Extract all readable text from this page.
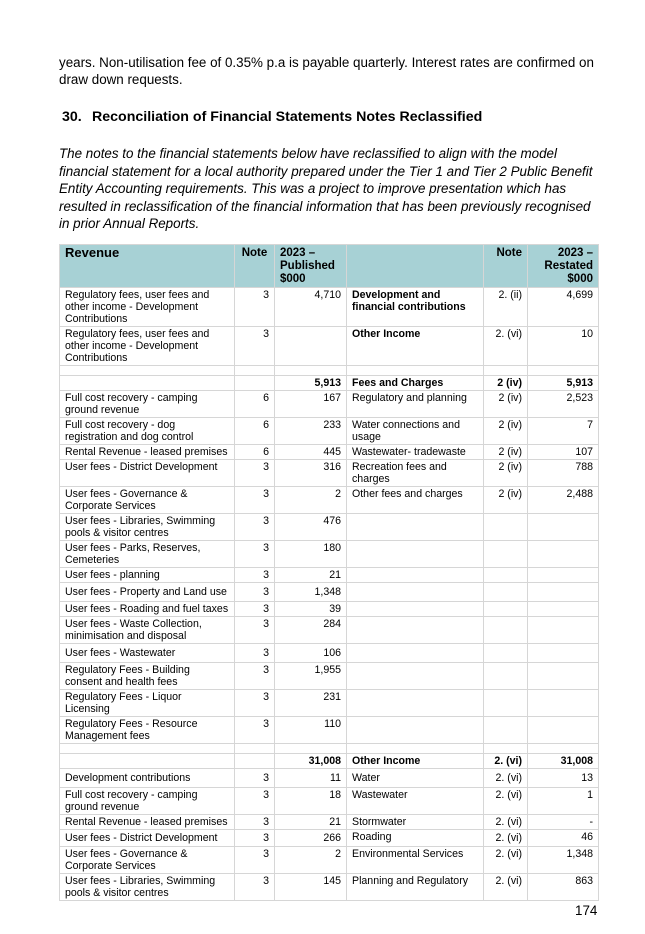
years. Non-utilisation fee of 0.35% p.a is payable quarterly. Interest rates are confirmed on draw down requests.

30. Reconciliation of Financial Statements Notes Reclassified

The notes to the financial statements below have reclassified to align with the model financial statement for a local authority prepared under the Tier 1 and Tier 2 Public Benefit Entity Accounting requirements. This was a project to improve presentation which has resulted in reclassification of the financial information that has been previously recognised in prior Annual Reports.

Revenue	Note	2023 – Published $000		Note	2023 – Restated $000
Regulatory fees, user fees and other income - Development Contributions	3	4,710	Development and financial contributions	2. (ii)	4,699
Regulatory fees, user fees and other income - Development Contributions	3		Other Income	2. (vi)	10

		5,913	Fees and Charges	2 (iv)	5,913
Full cost recovery - camping ground revenue	6	167	Regulatory and planning	2 (iv)	2,523
Full cost recovery - dog registration and dog control	6	233	Water connections and usage	2 (iv)	7
Rental Revenue - leased premises	6	445	Wastewater- tradewaste	2 (iv)	107
User fees - District Development	3	316	Recreation fees and charges	2 (iv)	788
User fees - Governance & Corporate Services	3	2	Other fees and charges	2 (iv)	2,488
User fees - Libraries, Swimming pools & visitor centres	3	476			
User fees - Parks, Reserves, Cemeteries	3	180			
User fees - planning	3	21			
User fees - Property and Land use	3	1,348			
User fees - Roading and fuel taxes	3	39			
User fees - Waste Collection, minimisation and disposal	3	284			
User fees - Wastewater	3	106			
Regulatory Fees - Building consent and health fees	3	1,955			
Regulatory Fees - Liquor Licensing	3	231			
Regulatory Fees - Resource Management fees	3	110			

		31,008	Other Income	2. (vi)	31,008
Development contributions	3	11	Water	2. (vi)	13
Full cost recovery - camping ground revenue	3	18	Wastewater	2. (vi)	1
Rental Revenue - leased premises	3	21	Stormwater	2. (vi)	-
User fees - District Development	3	266	Roading	2. (vi)	46
User fees - Governance & Corporate Services	3	2	Environmental Services	2. (vi)	1,348
User fees - Libraries, Swimming pools & visitor centres	3	145	Planning and Regulatory	2. (vi)	863
174
